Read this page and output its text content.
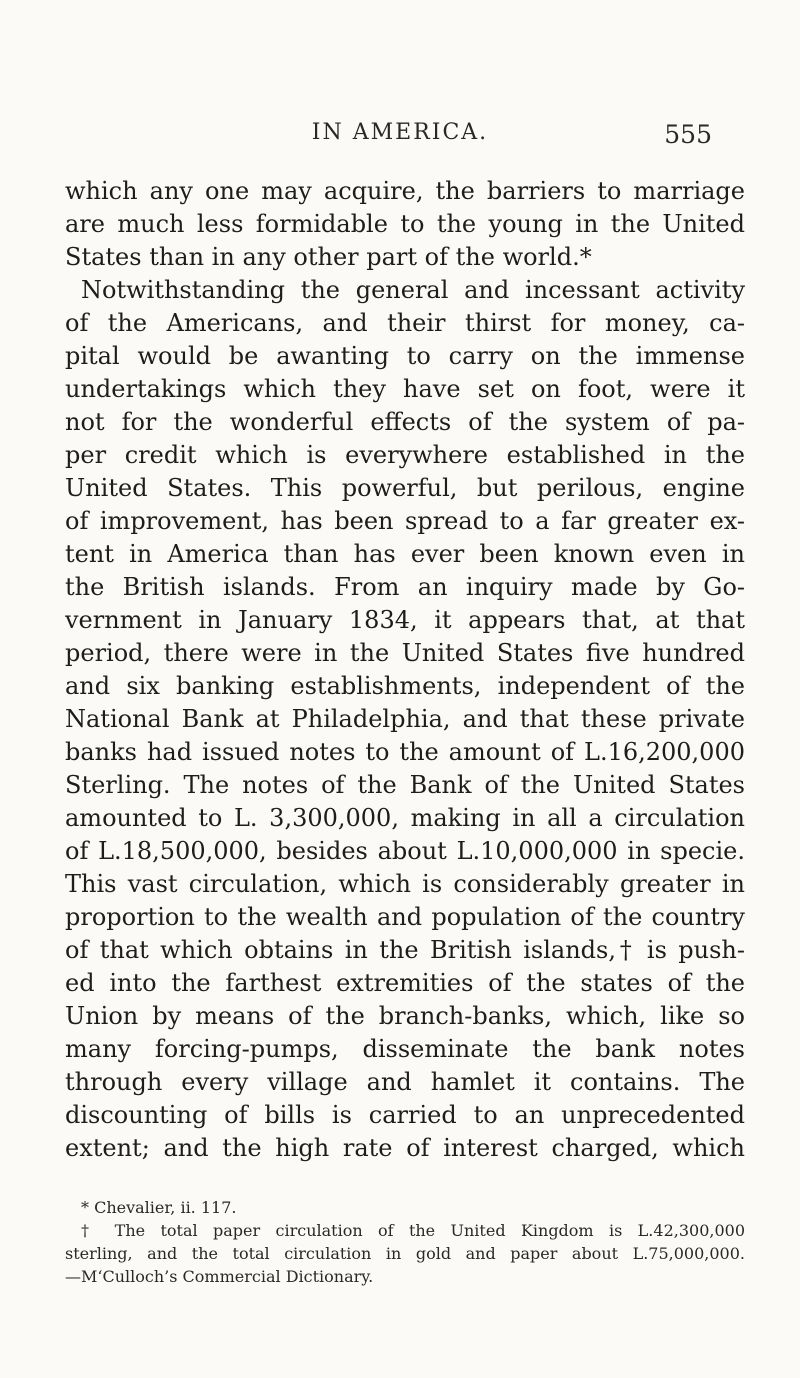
IN AMERICA.	555
which any one may acquire, the barriers to marriage
are much less formidable to the young in the United
States than in any other part of the world.*
Notwithstanding the general and incessant activity
of the Americans, and their thirst for money, ca-
pital would be awanting to carry on the immense
undertakings which they have set on foot, were it
not for the wonderful effects of the system of pa-
per credit which is everywhere established in the
United States. This powerful, but perilous, engine
of improvement, has been spread to a far greater ex-
tent in America than has ever been known even in
the British islands. From an inquiry made by Go-
vernment in January 1834, it appears that, at that
period, there were in the United States five hundred
and six banking establishments, independent of the
National Bank at Philadelphia, and that these private
banks had issued notes to the amount of L.16,200,000
Sterling. The notes of the Bank of the United States
amounted to L. 3,300,000, making in all a circulation
of L.18,500,000, besides about L.10,000,000 in specie.
This vast circulation, which is considerably greater in
proportion to the wealth and population of the country
of that which obtains in the British islands,† is push-
ed into the farthest extremities of the states of the
Union by means of the branch-banks, which, like so
many forcing-pumps, disseminate the bank notes
through every village and hamlet it contains. The
discounting of bills is carried to an unprecedented
extent; and the high rate of interest charged, which
* Chevalier, ii. 117.
† The total paper circulation of the United Kingdom is L.42,300,000
sterling, and the total circulation in gold and paper about L.75,000,000.
—M‘Culloch’s Commercial Dictionary.
